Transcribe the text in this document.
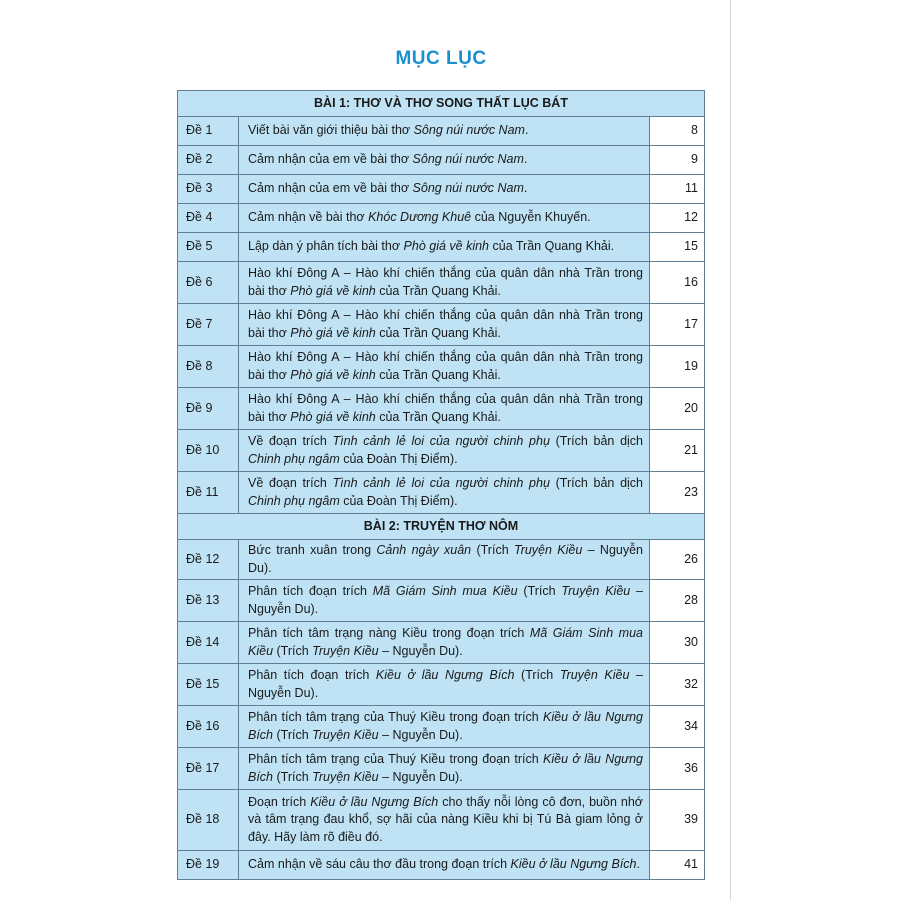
MỤC LỤC
BÀI 1: THƠ VÀ THƠ SONG THẤT LỤC BÁT		
Đề 1	Viết bài văn giới thiệu bài thơ Sông núi nước Nam.	8
Đề 2	Cảm nhận của em về bài thơ Sông núi nước Nam.	9
Đề 3	Cảm nhận của em về bài thơ Sông núi nước Nam.	11
Đề 4	Cảm nhận về bài thơ Khóc Dương Khuê của Nguyễn Khuyến.	12
Đề 5	Lập dàn ý phân tích bài thơ Phò giá về kinh của Trần Quang Khải.	15
Đề 6	Hào khí Đông A – Hào khí chiến thắng của quân dân nhà Trần trong bài thơ Phò giá về kinh của Trần Quang Khải.	16
Đề 7	Hào khí Đông A – Hào khí chiến thắng của quân dân nhà Trần trong bài thơ Phò giá về kinh của Trần Quang Khải.	17
Đề 8	Hào khí Đông A – Hào khí chiến thắng của quân dân nhà Trần trong bài thơ Phò giá về kinh của Trần Quang Khải.	19
Đề 9	Hào khí Đông A – Hào khí chiến thắng của quân dân nhà Trần trong bài thơ Phò giá về kinh của Trần Quang Khải.	20
Đề 10	Về đoạn trích Tình cảnh lẻ loi của người chinh phụ (Trích bản dịch Chinh phụ ngâm của Đoàn Thị Điểm).	21
Đề 11	Về đoạn trích Tình cảnh lẻ loi của người chinh phụ (Trích bản dịch Chinh phụ ngâm của Đoàn Thị Điểm).	23
BÀI 2: TRUYỆN THƠ NÔM		
Đề 12	Bức tranh xuân trong Cảnh ngày xuân (Trích Truyện Kiều – Nguyễn Du).	26
Đề 13	Phân tích đoạn trích Mã Giám Sinh mua Kiều (Trích Truyện Kiều – Nguyễn Du).	28
Đề 14	Phân tích tâm trạng nàng Kiều trong đoạn trích Mã Giám Sinh mua Kiều (Trích Truyện Kiều – Nguyễn Du).	30
Đề 15	Phân tích đoạn trích Kiều ở lầu Ngưng Bích (Trích Truyện Kiều – Nguyễn Du).	32
Đề 16	Phân tích tâm trạng của Thuý Kiều trong đoạn trích Kiều ở lầu Ngưng Bích (Trích Truyện Kiều – Nguyễn Du).	34
Đề 17	Phân tích tâm trạng của Thuý Kiều trong đoạn trích Kiều ở lầu Ngưng Bích (Trích Truyện Kiều – Nguyễn Du).	36
Đề 18	Đoạn trích Kiều ở lầu Ngưng Bích cho thấy nỗi lòng cô đơn, buồn nhớ và tâm trạng đau khổ, sợ hãi của nàng Kiều khi bị Tú Bà giam lỏng ở đây. Hãy làm rõ điều đó.	39
Đề 19	Cảm nhận về sáu câu thơ đầu trong đoạn trích Kiều ở lầu Ngưng Bích.	41
